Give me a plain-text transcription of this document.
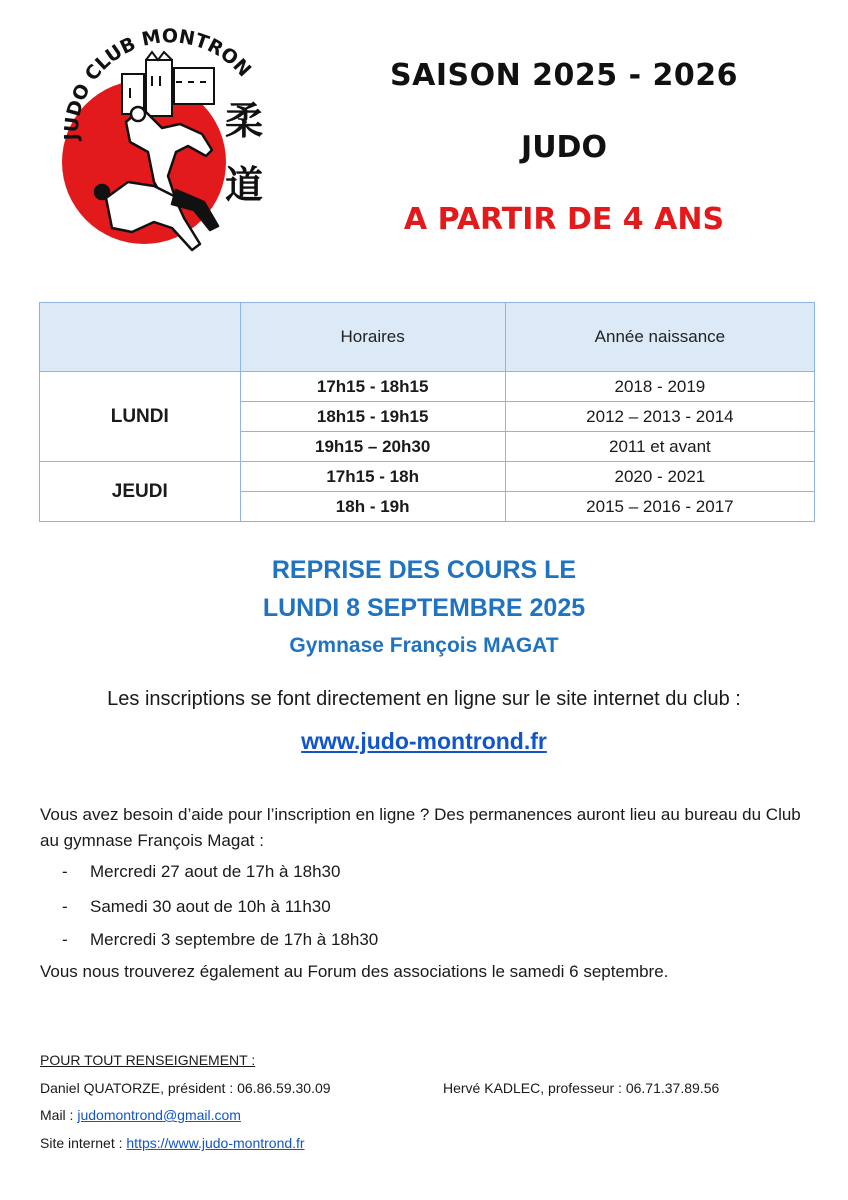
柔
道
JUDO CLUB MONTRON	SAISON 2025 - 2026
JUDO
A PARTIR DE 4 ANS
	Horaires	Année naissance
LUNDI	17h15 - 18h15	2018 - 2019
	18h15 - 19h15	2012 – 2013 - 2014
	19h15 – 20h30	2011 et avant
JEUDI	17h15 - 18h	2020 - 2021
	18h - 19h	2015 – 2016 - 2017

REPRISE DES COURS LE

LUNDI 8 SEPTEMBRE 2025

Gymnase François MAGAT

Les inscriptions se font directement en ligne sur le site internet du club :

www.judo-montrond.fr

Vous avez besoin d’aide pour l’inscription en ligne ? Des permanences auront lieu au bureau du Club au gymnase François Magat :

- Mercredi 27 aout de 17h à 18h30

- Samedi 30 aout de 10h à 11h30

- Mercredi 3 septembre de 17h à 18h30

Vous nous trouverez également au Forum des associations le samedi 6 septembre.

POUR TOUT RENSEIGNEMENT :

Daniel QUATORZE, président : 06.86.59.30.09	Hervé KADLEC, professeur : 06.71.37.89.56

Mail : judomontrond@gmail.com

Site internet : https://www.judo-montrond.fr
